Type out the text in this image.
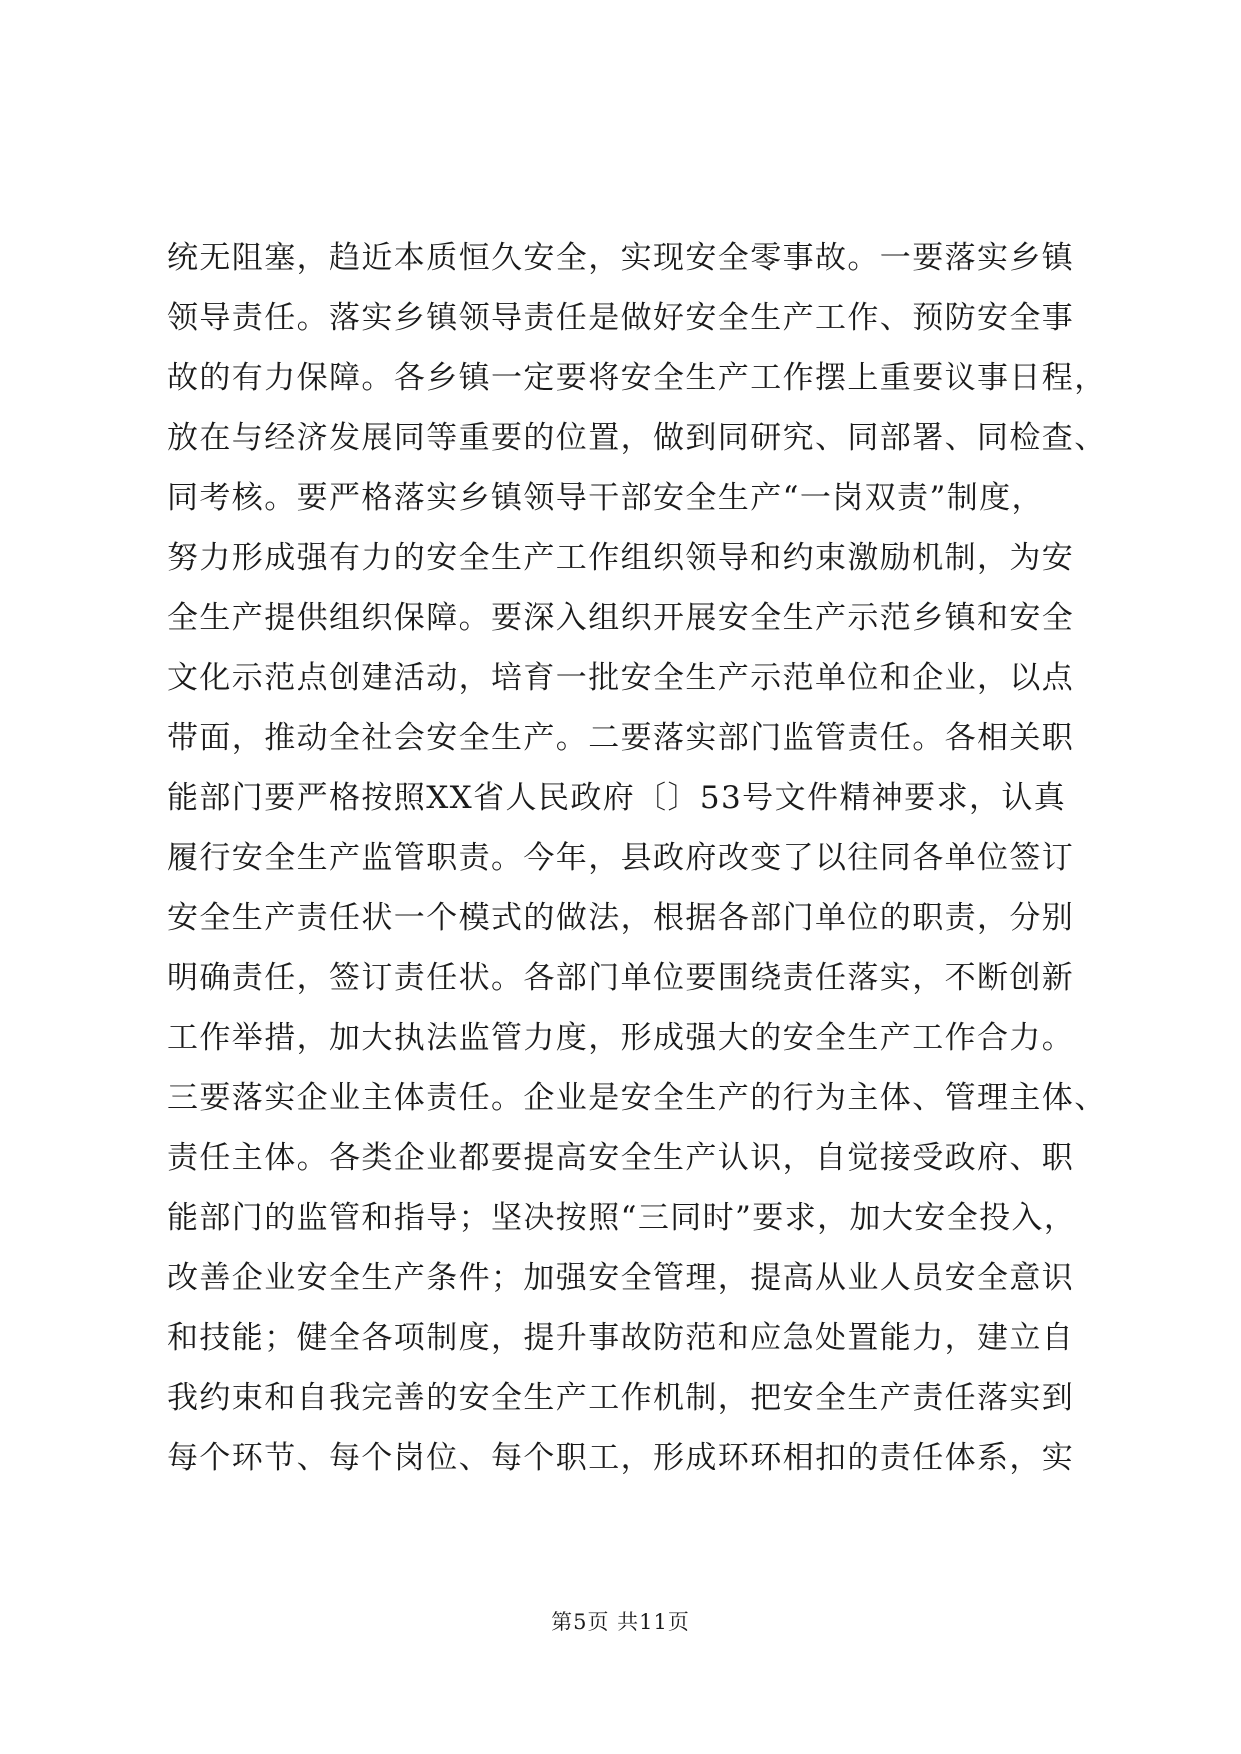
统无阻塞，趋近本质恒久安全，实现安全零事故。一要落实乡镇
领导责任。落实乡镇领导责任是做好安全生产工作、预防安全事
故的有力保障。各乡镇一定要将安全生产工作摆上重要议事日程，
放在与经济发展同等重要的位置，做到同研究、同部署、同检查、
同考核。要严格落实乡镇领导干部安全生产“一岗双责”制度，
努力形成强有力的安全生产工作组织领导和约束激励机制，为安
全生产提供组织保障。要深入组织开展安全生产示范乡镇和安全
文化示范点创建活动，培育一批安全生产示范单位和企业，以点
带面，推动全社会安全生产。二要落实部门监管责任。各相关职
能部门要严格按照XX省人民政府〔〕53号文件精神要求，认真
履行安全生产监管职责。今年，县政府改变了以往同各单位签订
安全生产责任状一个模式的做法，根据各部门单位的职责，分别
明确责任，签订责任状。各部门单位要围绕责任落实，不断创新
工作举措，加大执法监管力度，形成强大的安全生产工作合力。
三要落实企业主体责任。企业是安全生产的行为主体、管理主体、
责任主体。各类企业都要提高安全生产认识，自觉接受政府、职
能部门的监管和指导；坚决按照“三同时”要求，加大安全投入，
改善企业安全生产条件；加强安全管理，提高从业人员安全意识
和技能；健全各项制度，提升事故防范和应急处置能力，建立自
我约束和自我完善的安全生产工作机制，把安全生产责任落实到
每个环节、每个岗位、每个职工，形成环环相扣的责任体系，实
第5页 共11页
